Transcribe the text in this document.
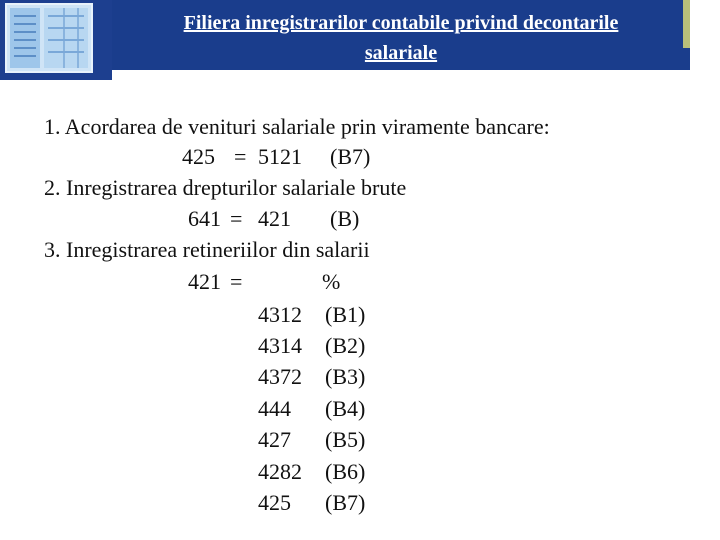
Filiera inregistrarilor contabile privind decontarile
salariale
1. Acordarea de venituri salariale prin viramente bancare:
425 = 5121 (B7)
2. Inregistrarea drepturilor salariale brute
641 = 421 (B)
3. Inregistrarea retineriilor din salarii
421 =	%
4312 (B1)
4314 (B2)
4372 (B3)
444 (B4)
427 (B5)
4282 (B6)
425 (B7)
